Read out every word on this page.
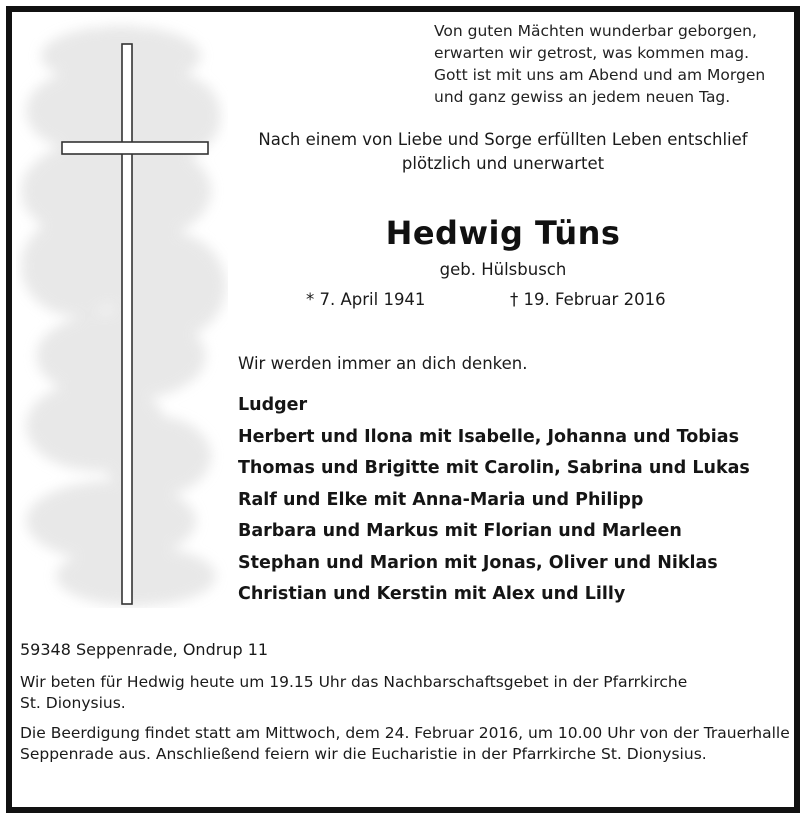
Von guten Mächten wunderbar geborgen,
erwarten wir getrost, was kommen mag.
Gott ist mit uns am Abend und am Morgen
und ganz gewiss an jedem neuen Tag.
Nach einem von Liebe und Sorge erfüllten Leben entschlief
plötzlich und unerwartet
Hedwig Tüns
geb. Hülsbusch
* 7. April 1941	† 19. Februar 2016
Wir werden immer an dich denken.
Ludger
Herbert und Ilona mit Isabelle, Johanna und Tobias
Thomas und Brigitte mit Carolin, Sabrina und Lukas
Ralf und Elke mit Anna-Maria und Philipp
Barbara und Markus mit Florian und Marleen
Stephan und Marion mit Jonas, Oliver und Niklas
Christian und Kerstin mit Alex und Lilly
59348 Seppenrade, Ondrup 11
Wir beten für Hedwig heute um 19.15 Uhr das Nachbarschaftsgebet in der Pfarrkirche
St. Dionysius.
Die Beerdigung findet statt am Mittwoch, dem 24. Februar 2016, um 10.00 Uhr von der Trauerhalle
Seppenrade aus. Anschließend feiern wir die Eucharistie in der Pfarrkirche St. Dionysius.
